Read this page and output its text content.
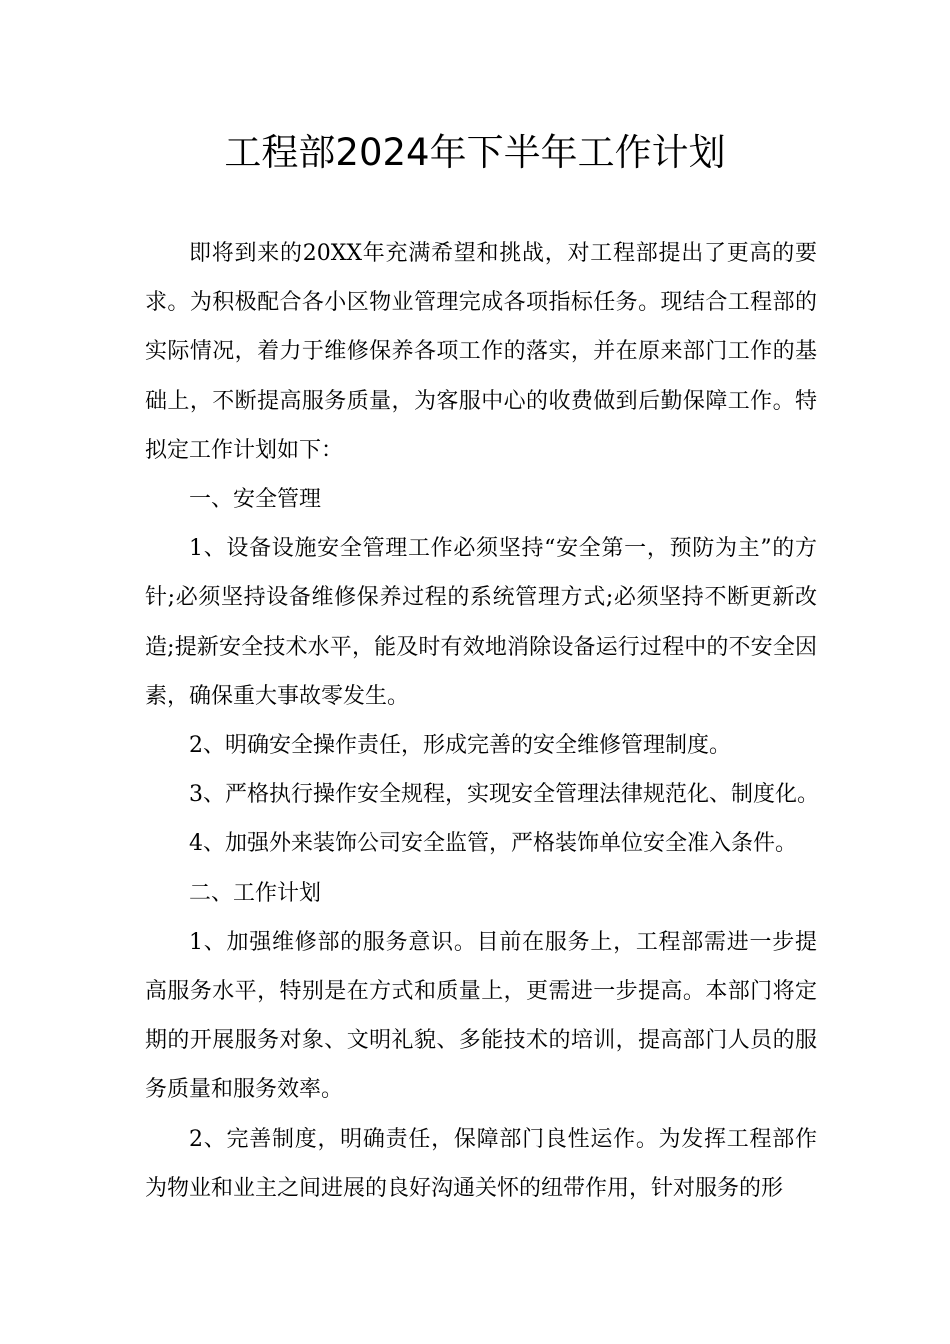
工程部2024年下半年工作计划

即将到来的20XX年充满希望和挑战，对工程部提出了更高的要求。为积极配合各小区物业管理完成各项指标任务。现结合工程部的实际情况，着力于维修保养各项工作的落实，并在原来部门工作的基础上，不断提高服务质量，为客服中心的收费做到后勤保障工作。特拟定工作计划如下：

一、安全管理

1、设备设施安全管理工作必须坚持“安全第一，预防为主”的方针;必须坚持设备维修保养过程的系统管理方式;必须坚持不断更新改造;提新安全技术水平，能及时有效地消除设备运行过程中的不安全因素，确保重大事故零发生。

2、明确安全操作责任，形成完善的安全维修管理制度。

3、严格执行操作安全规程，实现安全管理法律规范化、制度化。

4、加强外来装饰公司安全监管，严格装饰单位安全准入条件。

二、工作计划

1、加强维修部的服务意识。目前在服务上，工程部需进一步提高服务水平，特别是在方式和质量上，更需进一步提高。本部门将定期的开展服务对象、文明礼貌、多能技术的培训，提高部门人员的服务质量和服务效率。

2、完善制度，明确责任，保障部门良性运作。为发挥工程部作为物业和业主之间进展的良好沟通关怀的纽带作用，针对服务的形
